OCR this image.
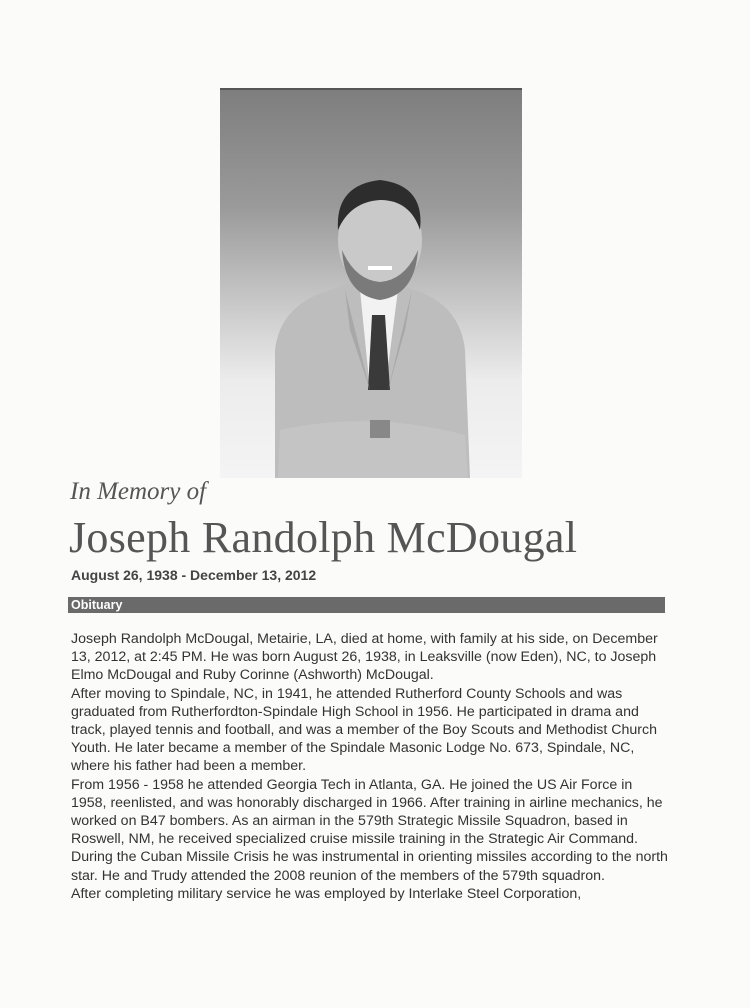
In Memory of
Joseph Randolph McDougal
August 26, 1938 - December 13, 2012
Obituary

Joseph Randolph McDougal, Metairie, LA, died at home, with family at his side, on December 13, 2012, at 2:45 PM. He was born August 26, 1938, in Leaksville (now Eden), NC, to Joseph Elmo McDougal and Ruby Corinne (Ashworth) McDougal.

After moving to Spindale, NC, in 1941, he attended Rutherford County Schools and was graduated from Rutherfordton-Spindale High School in 1956. He participated in drama and track, played tennis and football, and was a member of the Boy Scouts and Methodist Church Youth. He later became a member of the Spindale Masonic Lodge No. 673, Spindale, NC, where his father had been a member.

From 1956 - 1958 he attended Georgia Tech in Atlanta, GA. He joined the US Air Force in 1958, reenlisted, and was honorably discharged in 1966. After training in airline mechanics, he worked on B47 bombers. As an airman in the 579th Strategic Missile Squadron, based in Roswell, NM, he received specialized cruise missile training in the Strategic Air Command. During the Cuban Missile Crisis he was instrumental in orienting missiles according to the north star. He and Trudy attended the 2008 reunion of the members of the 579th squadron.

After completing military service he was employed by Interlake Steel Corporation,
